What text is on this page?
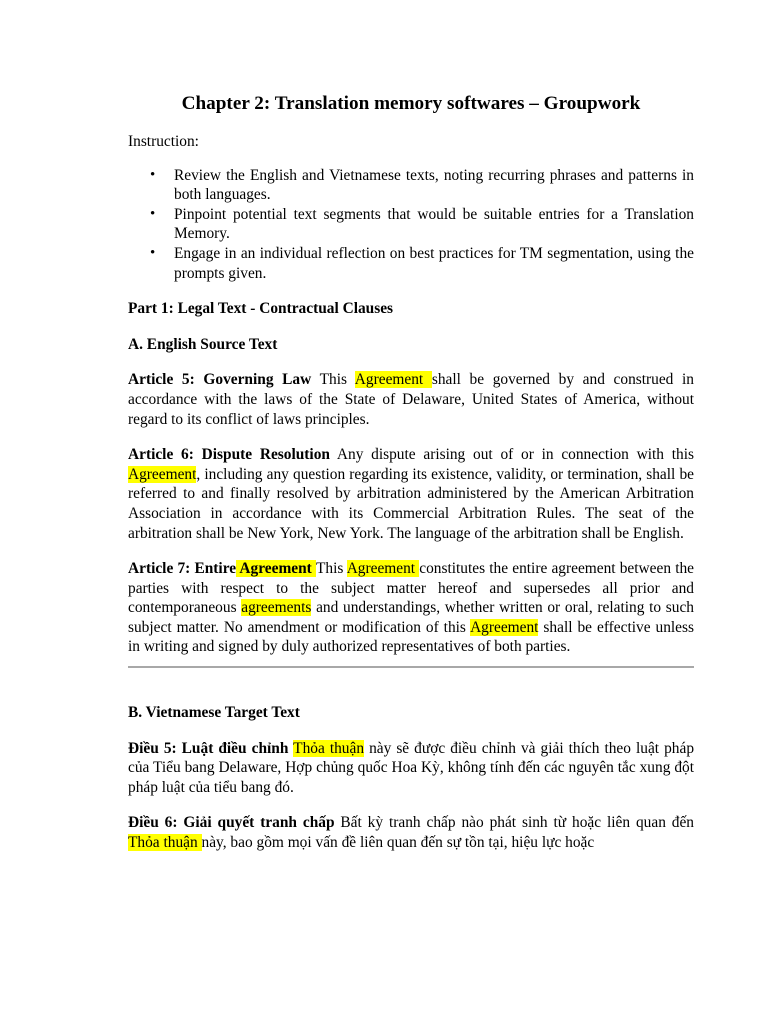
Chapter 2: Translation memory softwares – Groupwork

Instruction:

• Review the English and Vietnamese texts, noting recurring phrases and patterns in both languages.
• Pinpoint potential text segments that would be suitable entries for a Translation Memory.
• Engage in an individual reflection on best practices for TM segmentation, using the prompts given.

Part 1: Legal Text - Contractual Clauses

A. English Source Text

Article 5: Governing Law This Agreement shall be governed by and construed in accordance with the laws of the State of Delaware, United States of America, without regard to its conflict of laws principles.

Article 6: Dispute Resolution Any dispute arising out of or in connection with this Agreement, including any question regarding its existence, validity, or termination, shall be referred to and finally resolved by arbitration administered by the American Arbitration Association in accordance with its Commercial Arbitration Rules. The seat of the arbitration shall be New York, New York. The language of the arbitration shall be English.

Article 7: Entire Agreement This Agreement constitutes the entire agreement between the parties with respect to the subject matter hereof and supersedes all prior and contemporaneous agreements and understandings, whether written or oral, relating to such subject matter. No amendment or modification of this Agreement shall be effective unless in writing and signed by duly authorized representatives of both parties.

B. Vietnamese Target Text

Điều 5: Luật điều chỉnh Thỏa thuận này sẽ được điều chỉnh và giải thích theo luật pháp của Tiểu bang Delaware, Hợp chủng quốc Hoa Kỳ, không tính đến các nguyên tắc xung đột pháp luật của tiểu bang đó.

Điều 6: Giải quyết tranh chấp Bất kỳ tranh chấp nào phát sinh từ hoặc liên quan đến Thỏa thuận này, bao gồm mọi vấn đề liên quan đến sự tồn tại, hiệu lực hoặc
